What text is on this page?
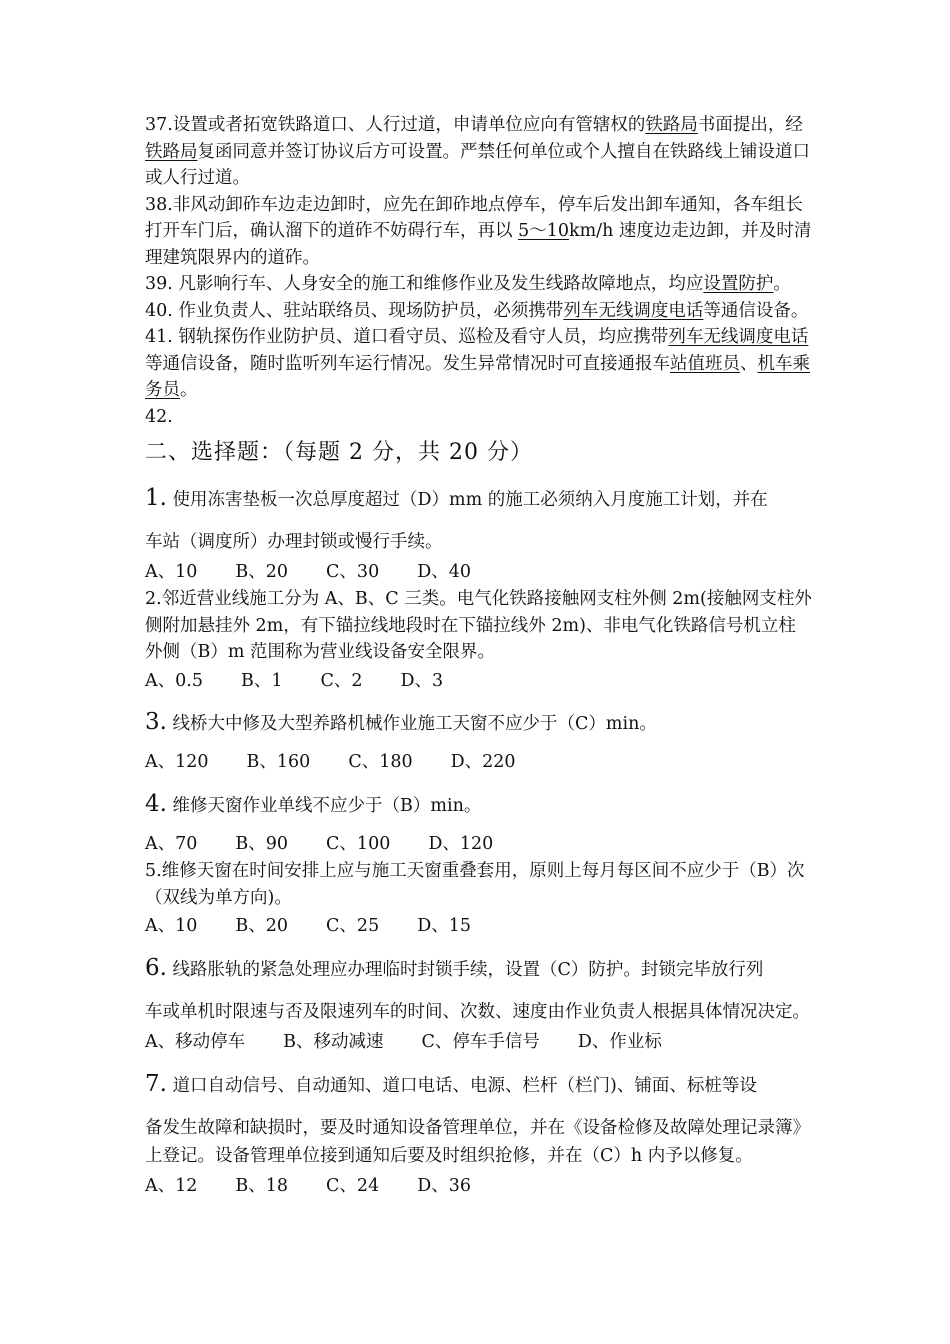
37.设置或者拓宽铁路道口、人行过道，申请单位应向有管辖权的铁路局书面提出，经铁路局复函同意并签订协议后方可设置。严禁任何单位或个人擅自在铁路线上铺设道口或人行过道。

38.非风动卸砟车边走边卸时，应先在卸砟地点停车，停车后发出卸车通知，各车组长打开车门后，确认溜下的道砟不妨碍行车，再以 5～10km/h 速度边走边卸，并及时清理建筑限界内的道砟。

39. 凡影响行车、人身安全的施工和维修作业及发生线路故障地点，均应设置防护。

40. 作业负责人、驻站联络员、现场防护员，必须携带列车无线调度电话等通信设备。

41. 钢轨探伤作业防护员、道口看守员、巡检及看守人员，均应携带列车无线调度电话等通信设备，随时监听列车运行情况。发生异常情况时可直接通报车站值班员、机车乘务员。

42.

二、选择题：（每题 2 分，共 20 分）

1. 使用冻害垫板一次总厚度超过（D）mm 的施工必须纳入月度施工计划，并在
车站（调度所）办理封锁或慢行手续。

A、10 B、20 C、30 D、40

2.邻近营业线施工分为 A、B、C 三类。电气化铁路接触网支柱外侧 2m(接触网支柱外侧附加悬挂外 2m，有下锚拉线地段时在下锚拉线外 2m)、非电气化铁路信号机立柱外侧（B）m 范围称为营业线设备安全限界。

A、0.5 B、1 C、2 D、3

3. 线桥大中修及大型养路机械作业施工天窗不应少于（C）min。

A、120 B、160 C、180 D、220

4. 维修天窗作业单线不应少于（B）min。

A、70 B、90 C、100 D、120

5.维修天窗在时间安排上应与施工天窗重叠套用，原则上每月每区间不应少于（B）次（双线为单方向)。

A、10 B、20 C、25 D、15

6. 线路胀轨的紧急处理应办理临时封锁手续，设置（C）防护。封锁完毕放行列
车或单机时限速与否及限速列车的时间、次数、速度由作业负责人根据具体情况决定。

A、移动停车 B、移动减速 C、停车手信号 D、作业标

7. 道口自动信号、自动通知、道口电话、电源、栏杆（栏门)、铺面、标桩等设
备发生故障和缺损时，要及时通知设备管理单位，并在《设备检修及故障处理记录簿》上登记。设备管理单位接到通知后要及时组织抢修，并在（C）h 内予以修复。

A、12 B、18 C、24 D、36
